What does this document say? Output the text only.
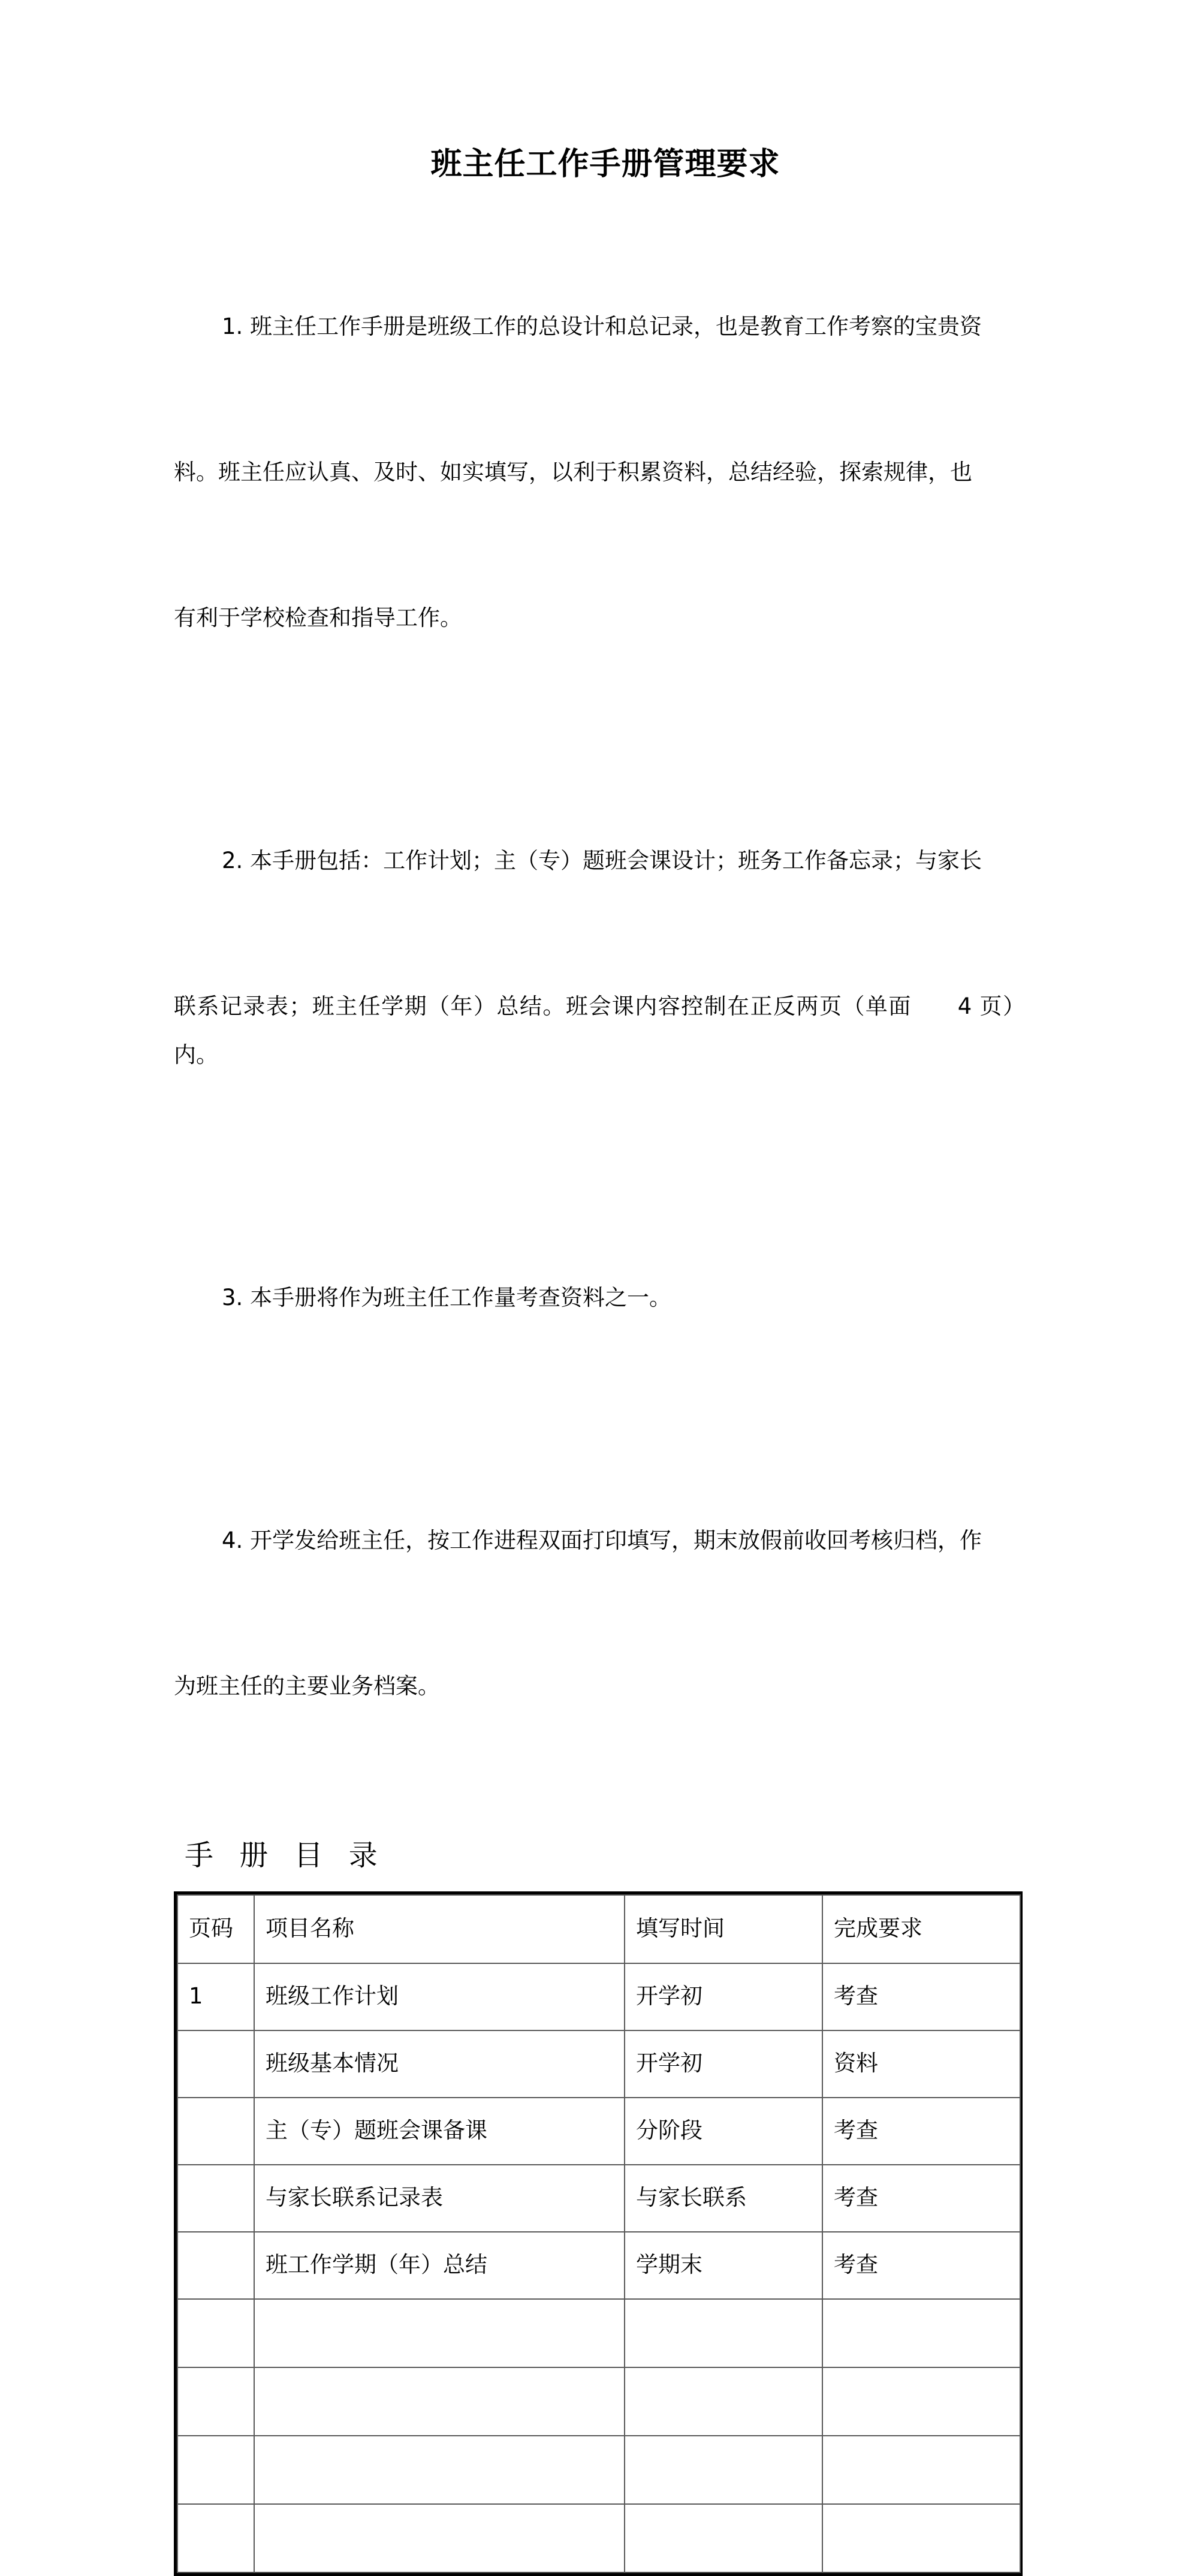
班主任工作手册管理要求

1. 班主任工作手册是班级工作的总设计和总记录，也是教育工作考察的宝贵资

料。班主任应认真、及时、如实填写，以利于积累资料，总结经验，探索规律，也

有利于学校检查和指导工作。

2. 本手册包括：工作计划；主（专）题班会课设计；班务工作备忘录；与家长

联系记录表；班主任学期（年）总结。班会课内容控制在正反两页（单面　　4 页）内。

3. 本手册将作为班主任工作量考查资料之一。

4. 开学发给班主任，按工作进程双面打印填写，期末放假前收回考核归档，作

为班主任的主要业务档案。

手 册 目 录
页码	项目名称	填写时间	完成要求
1	班级工作计划	开学初	考查
	班级基本情况	开学初	资料
	主（专）题班会课备课	分阶段	考查
	与家长联系记录表	与家长联系	考查
	班工作学期（年）总结	学期末	考查
